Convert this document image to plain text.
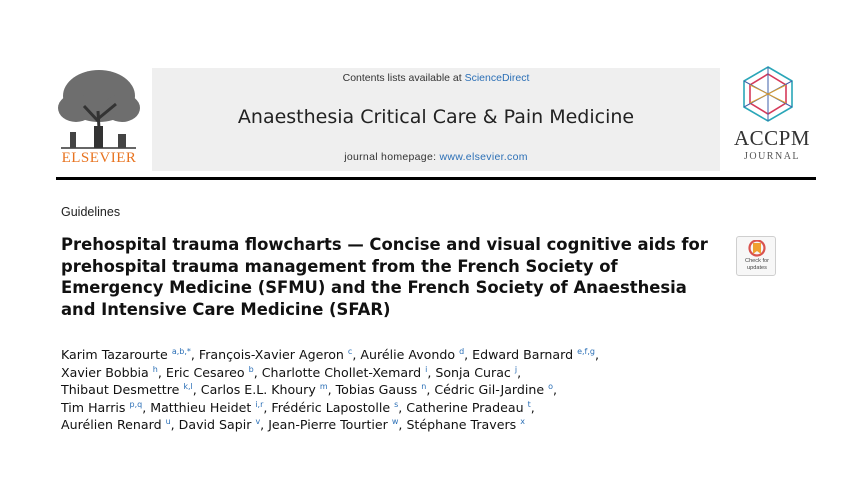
ELSEVIER
Contents lists available at ScienceDirect
Anaesthesia Critical Care & Pain Medicine
journal homepage: www.elsevier.com
ACCPM
JOURNAL
Guidelines
Prehospital trauma flowcharts — Concise and visual cognitive aids for
prehospital trauma management from the French Society of
Emergency Medicine (SFMU) and the French Society of Anaesthesia
and Intensive Care Medicine (SFAR)
Check for
updates
Karim Tazarourte $^{a,b,*}$, François-Xavier Ageron $^c$, Aurélie Avondo $^d$, Edward Barnard $^{e,f,g}$,
Xavier Bobbia $^h$, Eric Cesareo $^b$, Charlotte Chollet-Xemard $^i$, Sonja Curac $^j$,
Thibaut Desmettre $^{k,l}$, Carlos E.L. Khoury $^m$, Tobias Gauss $^n$, Cédric Gil-Jardine $^o$,
Tim Harris $^{p,q}$, Matthieu Heidet $^{i,r}$, Frédéric Lapostolle $^s$, Catherine Pradeau $^t$,
Aurélien Renard $^u$, David Sapir $^v$, Jean-Pierre Tourtier $^w$, Stéphane Travers $^x$
